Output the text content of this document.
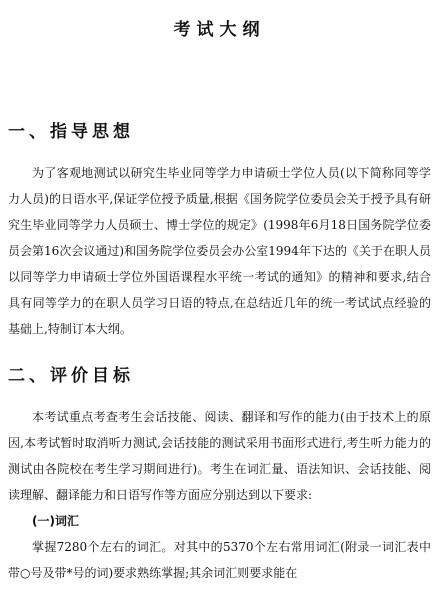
考试大纲
一、指导思想

为了客观地测试以研究生毕业同等学力申请硕士学位人员(以下简称同等学力人员)的日语水平,保证学位授予质量,根据《国务院学位委员会关于授予具有研究生毕业同等学力人员硕士、博士学位的规定》(1998年6月18日国务院学位委员会第16次会议通过)和国务院学位委员会办公室1994年下达的《关于在职人员以同等学力申请硕士学位外国语课程水平统一考试的通知》的精神和要求,结合具有同等学力的在职人员学习日语的特点,在总结近几年的统一考试试点经验的基础上,特制订本大纲。

二、评价目标

本考试重点考查考生会话技能、阅读、翻译和写作的能力(由于技术上的原因,本考试暂时取消听力测试,会话技能的测试采用书面形式进行,考生听力能力的测试由各院校在考生学习期间进行)。考生在词汇量、语法知识、会话技能、阅读理解、翻译能力和日语写作等方面应分别达到以下要求:

(一)词汇

掌握7280个左右的词汇。对其中的5370个左右常用词汇(附录一词汇表中带○号及带*号的词)要求熟练掌握;其余词汇则要求能在
